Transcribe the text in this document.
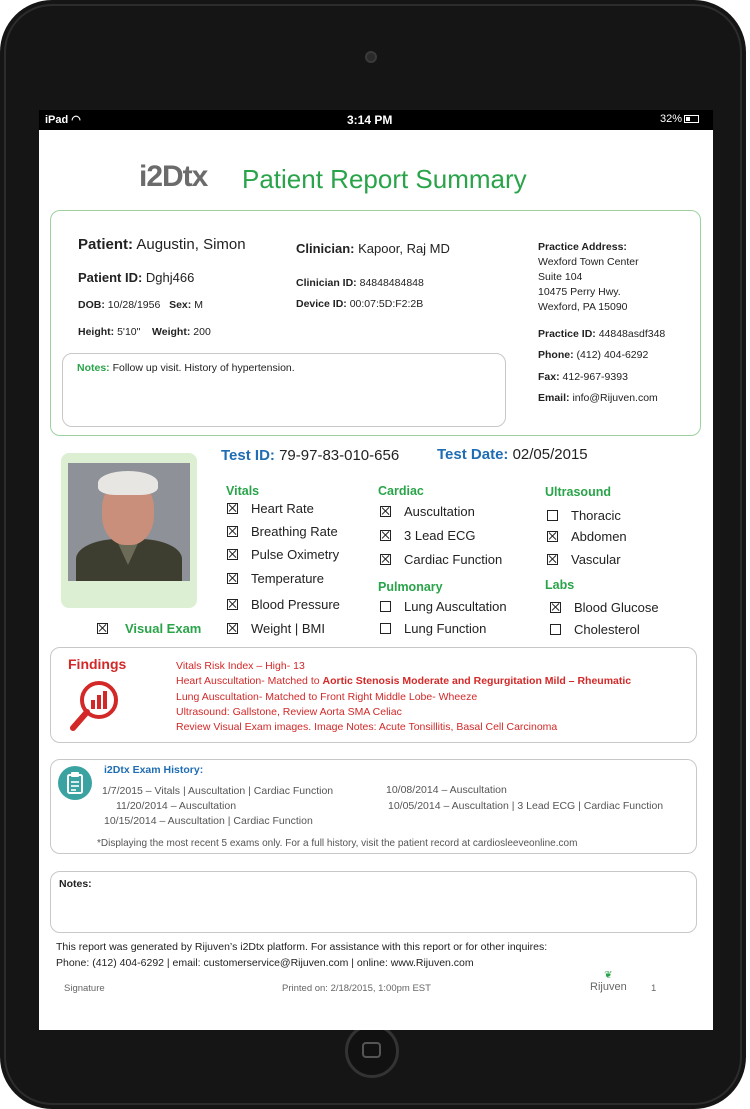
iPad ◠	3:14 PM	32%
i2Dtx Patient Report Summary
Patient: Augustin, Simon
Patient ID: Dghj466
DOB: 10/28/1956 Sex: M
Height: 5'10" Weight: 200
Clinician: Kapoor, Raj MD
Clinician ID: 84848484848
Device ID: 00:07:5D:F2:2B
Practice Address:
Wexford Town Center
Suite 104
10475 Perry Hwy.
Wexford, PA 15090
Practice ID: 44848asdf348
Phone: (412) 404-6292
Fax: 412-967-9393
Email: info@Rijuven.com
Notes: Follow up visit. History of hypertension.
Test ID: 79-97-83-010-656	Test Date: 02/05/2015
Vitals
Heart Rate
Breathing Rate
Pulse Oximetry
Temperature
Blood Pressure
Weight | BMI
Visual Exam
Cardiac
Auscultation
3 Lead ECG
Cardiac Function
Pulmonary
Lung Auscultation
Lung Function
Ultrasound
Thoracic
Abdomen
Vascular
Labs
Blood Glucose
Cholesterol
Findings	Vitals Risk Index – High- 13
Heart Auscultation- Matched to Aortic Stenosis Moderate and Regurgitation Mild – Rheumatic
Lung Auscultation- Matched to Front Right Middle Lobe- Wheeze
Ultrasound: Gallstone, Review Aorta SMA Celiac
Review Visual Exam images. Image Notes: Acute Tonsillitis, Basal Cell Carcinoma
i2Dtx Exam History:
1/7/2015 – Vitals | Auscultation | Cardiac Function
11/20/2014 – Auscultation
10/15/2014 – Auscultation | Cardiac Function
10/08/2014 – Auscultation
10/05/2014 – Auscultation | 3 Lead ECG | Cardiac Function
*Displaying the most recent 5 exams only. For a full history, visit the patient record at cardiosleeveonline.com
Notes:
This report was generated by Rijuven’s i2Dtx platform. For assistance with this report or for other inquires:
Phone: (412) 404-6292 | email: customerservice@Rijuven.com | online: www.Rijuven.com
Signature	Printed on: 2/18/2015, 1:00pm EST
❦
Rijuven	1
